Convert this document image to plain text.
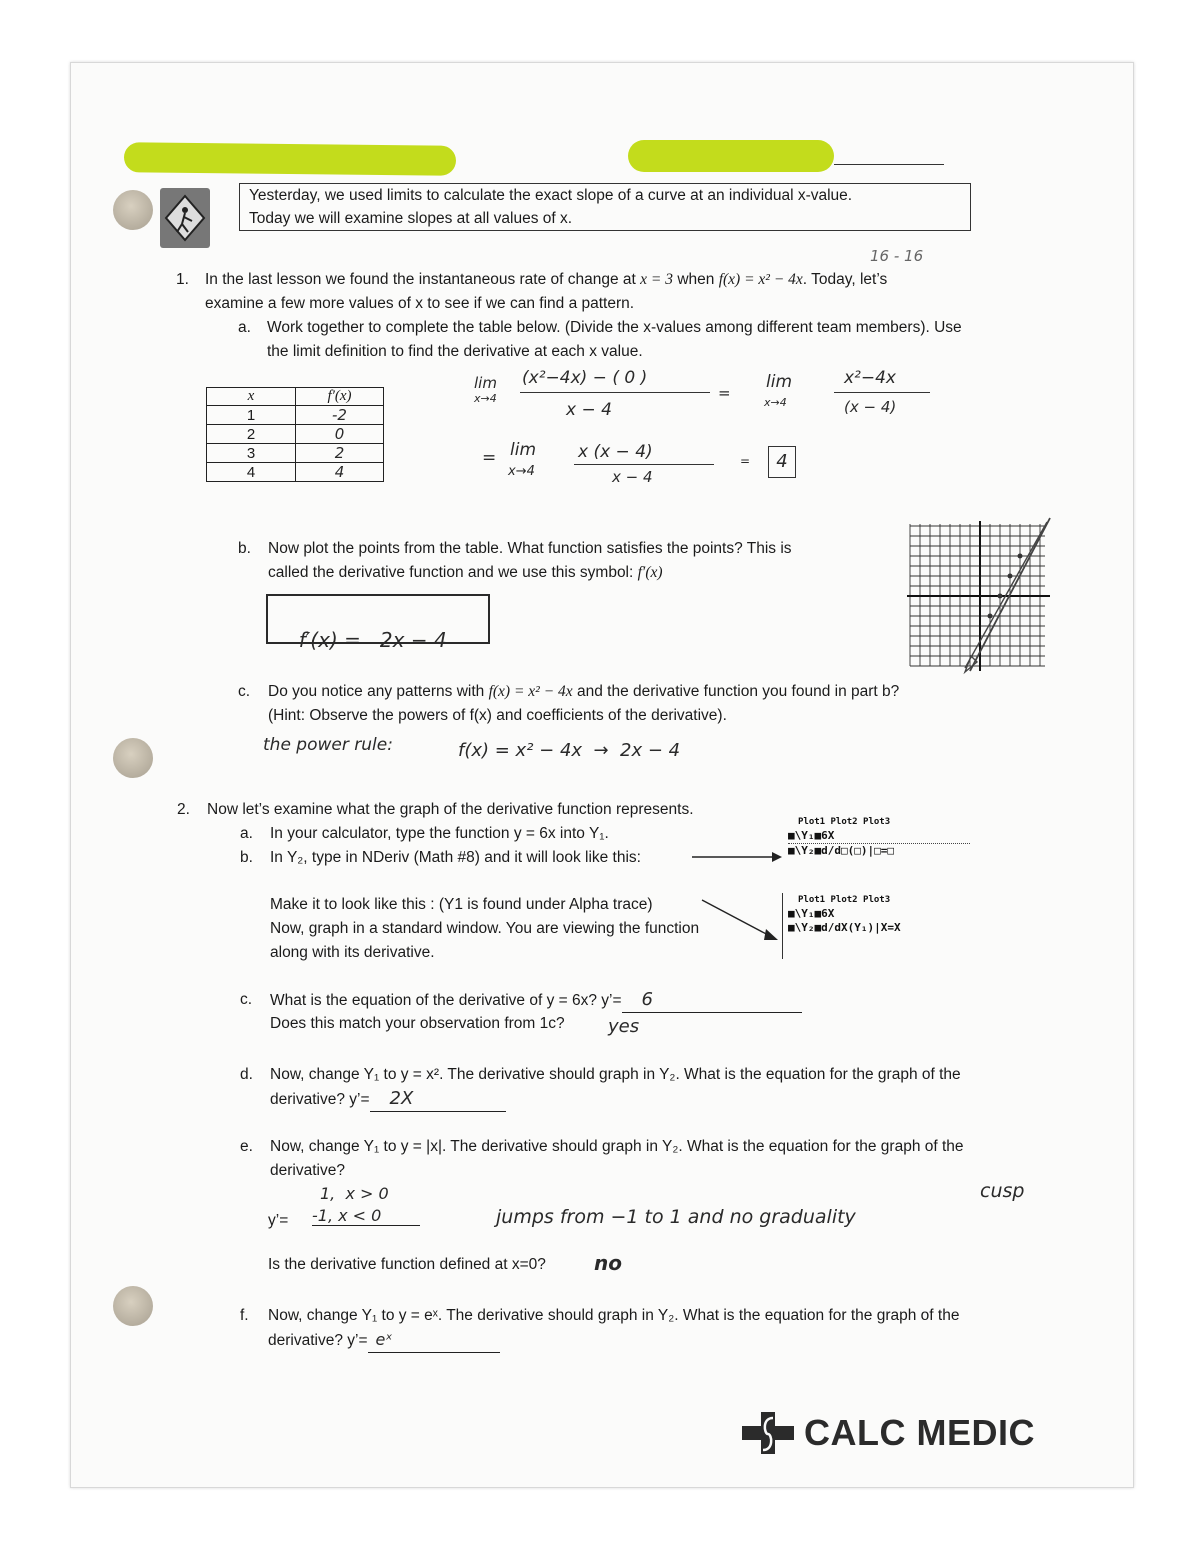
Yesterday, we used limits to calculate the exact slope of a curve at an individual x-value.
Today we will examine slopes at all values of x.
16 - 16
1. In the last lesson we found the instantaneous rate of change at x = 3 when f(x) = x² − 4x. Today, let’s
examine a few more values of x to see if we can find a pattern.
a. Work together to complete the table below. (Divide the x-values among different team members). Use
the limit definition to find the derivative at each x value.
x	f′(x)
1	-2
2	0
3	2
4	4
lim
x→4
(x²−4x) − ( 0 )
x − 4
=
lim
x→4
x²−4x
(x − 4)
= lim
x→4
x (x − 4)
x − 4
=	4
b. Now plot the points from the table. What function satisfies the points? This is
called the derivative function and we use this symbol: f′(x)

f′(x) =   2x − 4

c. Do you notice any patterns with f(x) = x² − 4x and the derivative function you found in part b?
(Hint: Observe the powers of f(x) and coefficients of the derivative).
the power rule:	f(x) = x² − 4x  →  2x − 4
2. Now let’s examine what the graph of the derivative function represents.
a. In your calculator, type the function y = 6x into Y₁.
b. In Y₂, type in NDeriv (Math #8) and it will look like this:
Plot1 Plot2 Plot3
■\Y₁■6X
■\Y₂■d/d□(□)|□=□
Make it to look like this : (Y1 is found under Alpha trace)
Now, graph in a standard window. You are viewing the function
along with its derivative.
Plot1 Plot2 Plot3
■\Y₁■6X
■\Y₂■d/dX(Y₁)|X=X
c. What is the equation of the derivative of y = 6x? y’= 6
Does this match your observation from 1c? yes
d. Now, change Y₁ to y = x². The derivative should graph in Y₂. What is the equation for the graph of the
derivative? y’= 2X
e. Now, change Y₁ to y = |x|. The derivative should graph in Y₂. What is the equation for the graph of the
derivative?
y’=
1,  x > 0
-1, x < 0	jumps from −1 to 1 and no graduality
cusp
Is the derivative function defined at x=0? no
f. Now, change Y₁ to y = eˣ. The derivative should graph in Y₂. What is the equation for the graph of the
derivative? y’= eˣ
CALC MEDIC
